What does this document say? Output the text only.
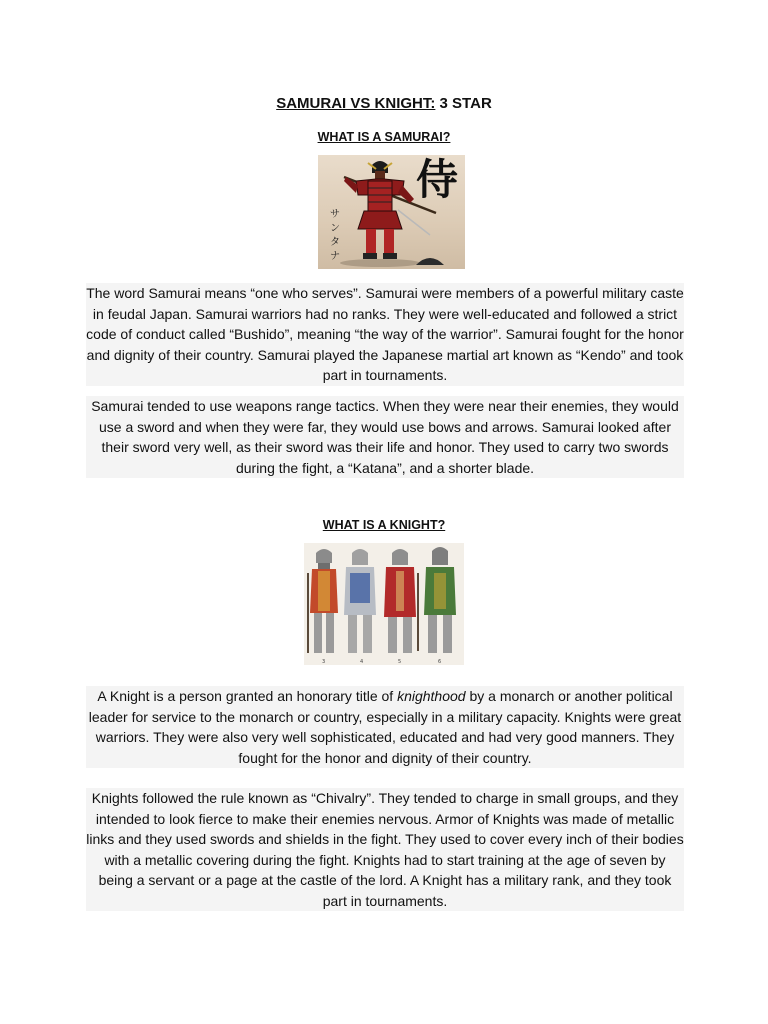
SAMURAI VS KNIGHT: 3 STAR
WHAT IS A SAMURAI?
サ
ン
タ
ナ
侍
The word Samurai means “one who serves”. Samurai were members of a powerful military caste in feudal Japan. Samurai warriors had no ranks. They were well-educated and followed a strict code of conduct called “Bushido”, meaning “the way of the warrior”. Samurai fought for the honor and dignity of their country. Samurai played the Japanese martial art known as “Kendo” and took part in tournaments.
Samurai tended to use weapons range tactics. When they were near their enemies, they would use a sword and when they were far, they would use bows and arrows. Samurai looked after their sword very well, as their sword was their life and honor. They used to carry two swords during the fight, a “Katana”, and a shorter blade.
WHAT IS A KNIGHT?
3	4	5	6
A Knight is a person granted an honorary title of knighthood by a monarch or another political leader for service to the monarch or country, especially in a military capacity. Knights were great warriors. They were also very well sophisticated, educated and had very good manners. They fought for the honor and dignity of their country.
Knights followed the rule known as “Chivalry”. They tended to charge in small groups, and they intended to look fierce to make their enemies nervous. Armor of Knights was made of metallic links and they used swords and shields in the fight. They used to cover every inch of their bodies with a metallic covering during the fight. Knights had to start training at the age of seven by being a servant or a page at the castle of the lord. A Knight has a military rank, and they took part in tournaments.
